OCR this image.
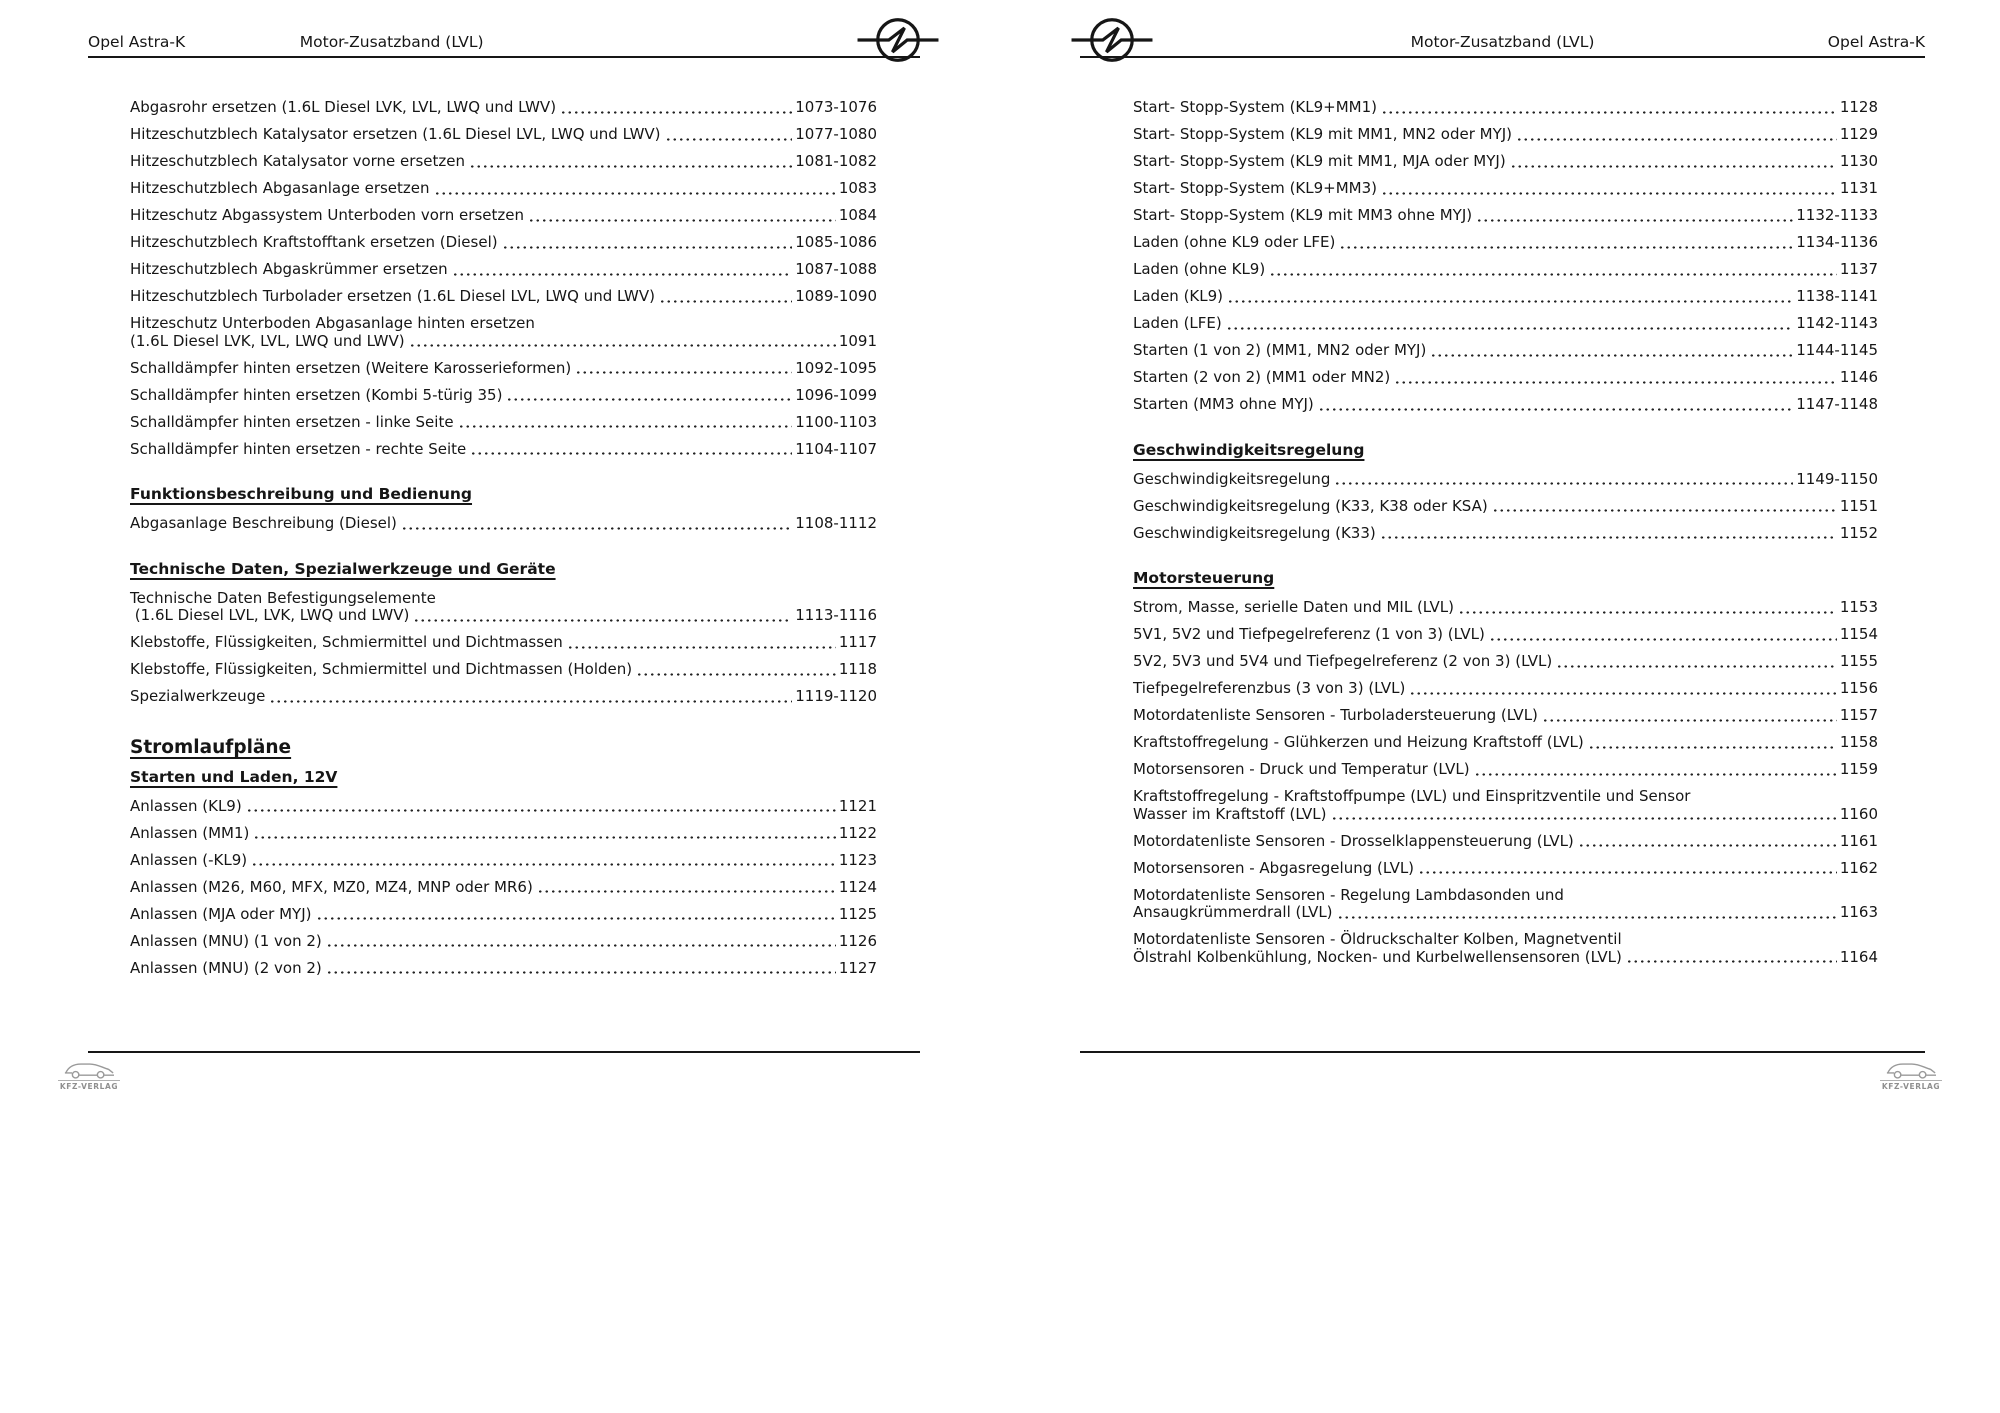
Opel Astra-K	Motor-Zusatzband (LVL)
Abgasrohr ersetzen (1.6L Diesel LVK, LVL, LWQ und LWV)	1073-1076
Hitzeschutzblech Katalysator ersetzen (1.6L Diesel LVL, LWQ und LWV)	1077-1080
Hitzeschutzblech Katalysator vorne ersetzen	1081-1082
Hitzeschutzblech Abgasanlage ersetzen	1083
Hitzeschutz Abgassystem Unterboden vorn ersetzen	1084
Hitzeschutzblech Kraftstofftank ersetzen (Diesel)	1085-1086
Hitzeschutzblech Abgaskrümmer ersetzen	1087-1088
Hitzeschutzblech Turbolader ersetzen (1.6L Diesel LVL, LWQ und LWV)	1089-1090
Hitzeschutz Unterboden Abgasanlage hinten ersetzen
(1.6L Diesel LVK, LVL, LWQ und LWV)	1091
Schalldämpfer hinten ersetzen (Weitere Karosserieformen)	1092-1095
Schalldämpfer hinten ersetzen (Kombi 5-türig 35)	1096-1099
Schalldämpfer hinten ersetzen - linke Seite	1100-1103
Schalldämpfer hinten ersetzen - rechte Seite	1104-1107
Funktionsbeschreibung und Bedienung
Abgasanlage Beschreibung (Diesel)	1108-1112
Technische Daten, Spezialwerkzeuge und Geräte
Technische Daten Befestigungselemente
(1.6L Diesel LVL, LVK, LWQ und LWV)	1113-1116
Klebstoffe, Flüssigkeiten, Schmiermittel und Dichtmassen	1117
Klebstoffe, Flüssigkeiten, Schmiermittel und Dichtmassen (Holden)	1118
Spezialwerkzeuge	1119-1120
Stromlaufpläne
Starten und Laden, 12V
Anlassen (KL9)	1121
Anlassen (MM1)	1122
Anlassen (-KL9)	1123
Anlassen (M26, M60, MFX, MZ0, MZ4, MNP oder MR6)	1124
Anlassen (MJA oder MYJ)	1125
Anlassen (MNU) (1 von 2)	1126
Anlassen (MNU) (2 von 2)	1127
KFZ-VERLAG
Motor-Zusatzband (LVL)	Opel Astra-K
Start- Stopp-System (KL9+MM1)	1128
Start- Stopp-System (KL9 mit MM1, MN2 oder MYJ)	1129
Start- Stopp-System (KL9 mit MM1, MJA oder MYJ)	1130
Start- Stopp-System (KL9+MM3)	1131
Start- Stopp-System (KL9 mit MM3 ohne MYJ)	1132-1133
Laden (ohne KL9 oder LFE)	1134-1136
Laden (ohne KL9)	1137
Laden (KL9)	1138-1141
Laden (LFE)	1142-1143
Starten (1 von 2) (MM1, MN2 oder MYJ)	1144-1145
Starten (2 von 2) (MM1 oder MN2)	1146
Starten (MM3 ohne MYJ)	1147-1148
Geschwindigkeitsregelung
Geschwindigkeitsregelung	1149-1150
Geschwindigkeitsregelung (K33, K38 oder KSA)	1151
Geschwindigkeitsregelung (K33)	1152
Motorsteuerung
Strom, Masse, serielle Daten und MIL (LVL)	1153
5V1, 5V2 und Tiefpegelreferenz (1 von 3) (LVL)	1154
5V2, 5V3 und 5V4 und Tiefpegelreferenz (2 von 3) (LVL)	1155
Tiefpegelreferenzbus (3 von 3) (LVL)	1156
Motordatenliste Sensoren - Turboladersteuerung (LVL)	1157
Kraftstoffregelung - Glühkerzen und Heizung Kraftstoff (LVL)	1158
Motorsensoren - Druck und Temperatur (LVL)	1159
Kraftstoffregelung - Kraftstoffpumpe (LVL) und Einspritzventile und Sensor
Wasser im Kraftstoff (LVL)	1160
Motordatenliste Sensoren - Drosselklappensteuerung (LVL)	1161
Motorsensoren - Abgasregelung (LVL)	1162
Motordatenliste Sensoren - Regelung Lambdasonden und
Ansaugkrümmerdrall (LVL)	1163
Motordatenliste Sensoren - Öldruckschalter Kolben, Magnetventil
Ölstrahl Kolbenkühlung, Nocken- und Kurbelwellensensoren (LVL)	1164
KFZ-VERLAG
